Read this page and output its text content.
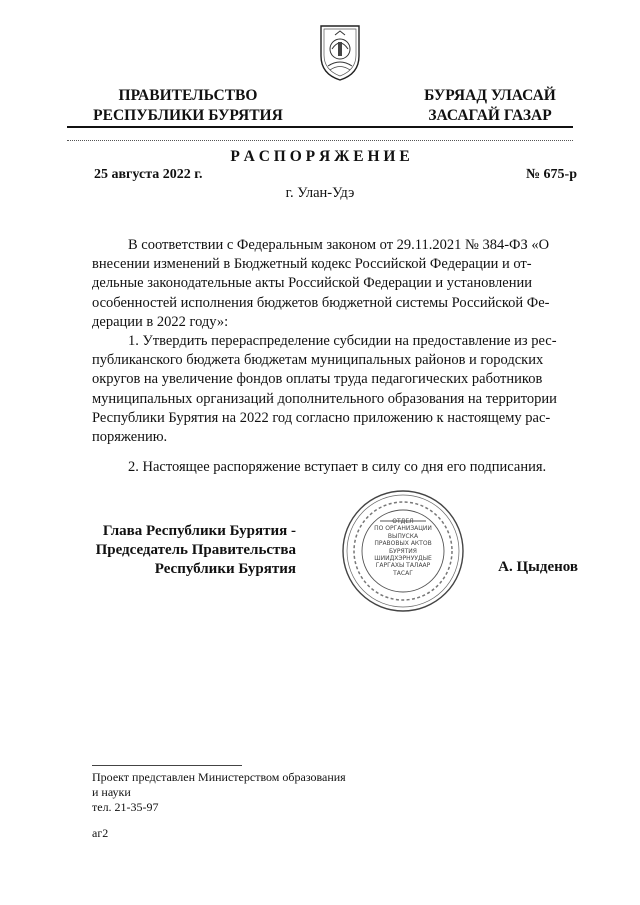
ПРАВИТЕЛЬСТВО
РЕСПУБЛИКИ БУРЯТИЯ
БУРЯАД УЛАСАЙ
ЗАСАГАЙ ГАЗАР
Р А С П О Р Я Ж Е Н И Е
25 августа 2022 г.	№ 675-р
г. Улан-Удэ
В соответствии с Федеральным законом от 29.11.2021 № 384-ФЗ «О
внесении изменений в Бюджетный кодекс Российской Федерации и от-
дельные законодательные акты Российской Федерации и установлении
особенностей исполнения бюджетов бюджетной системы Российской Фе-
дерации в 2022 году»:
1. Утвердить перераспределение субсидии на предоставление из рес-
публиканского бюджета бюджетам муниципальных районов и городских
округов на увеличение фондов оплаты труда педагогических работников
муниципальных организаций дополнительного образования на территории
Республики Бурятия на 2022 год согласно приложению к настоящему рас-
поряжению.
2. Настоящее распоряжение вступает в силу со дня его подписания.
Глава Республики Бурятия -
Председатель Правительства
Республики Бурятия	А. Цыденов
ОТДЕЛ
ПО ОРГАНИЗАЦИИ
ВЫПУСКА
ПРАВОВЫХ АКТОВ
БУРЯТИЯ
ШИИДХЭРНУУДЫЕ
ГАРГАХЫ ТАЛААР
ТАСАГ
Проект представлен Министерством образования
и науки
тел. 21-35-97
аг2
